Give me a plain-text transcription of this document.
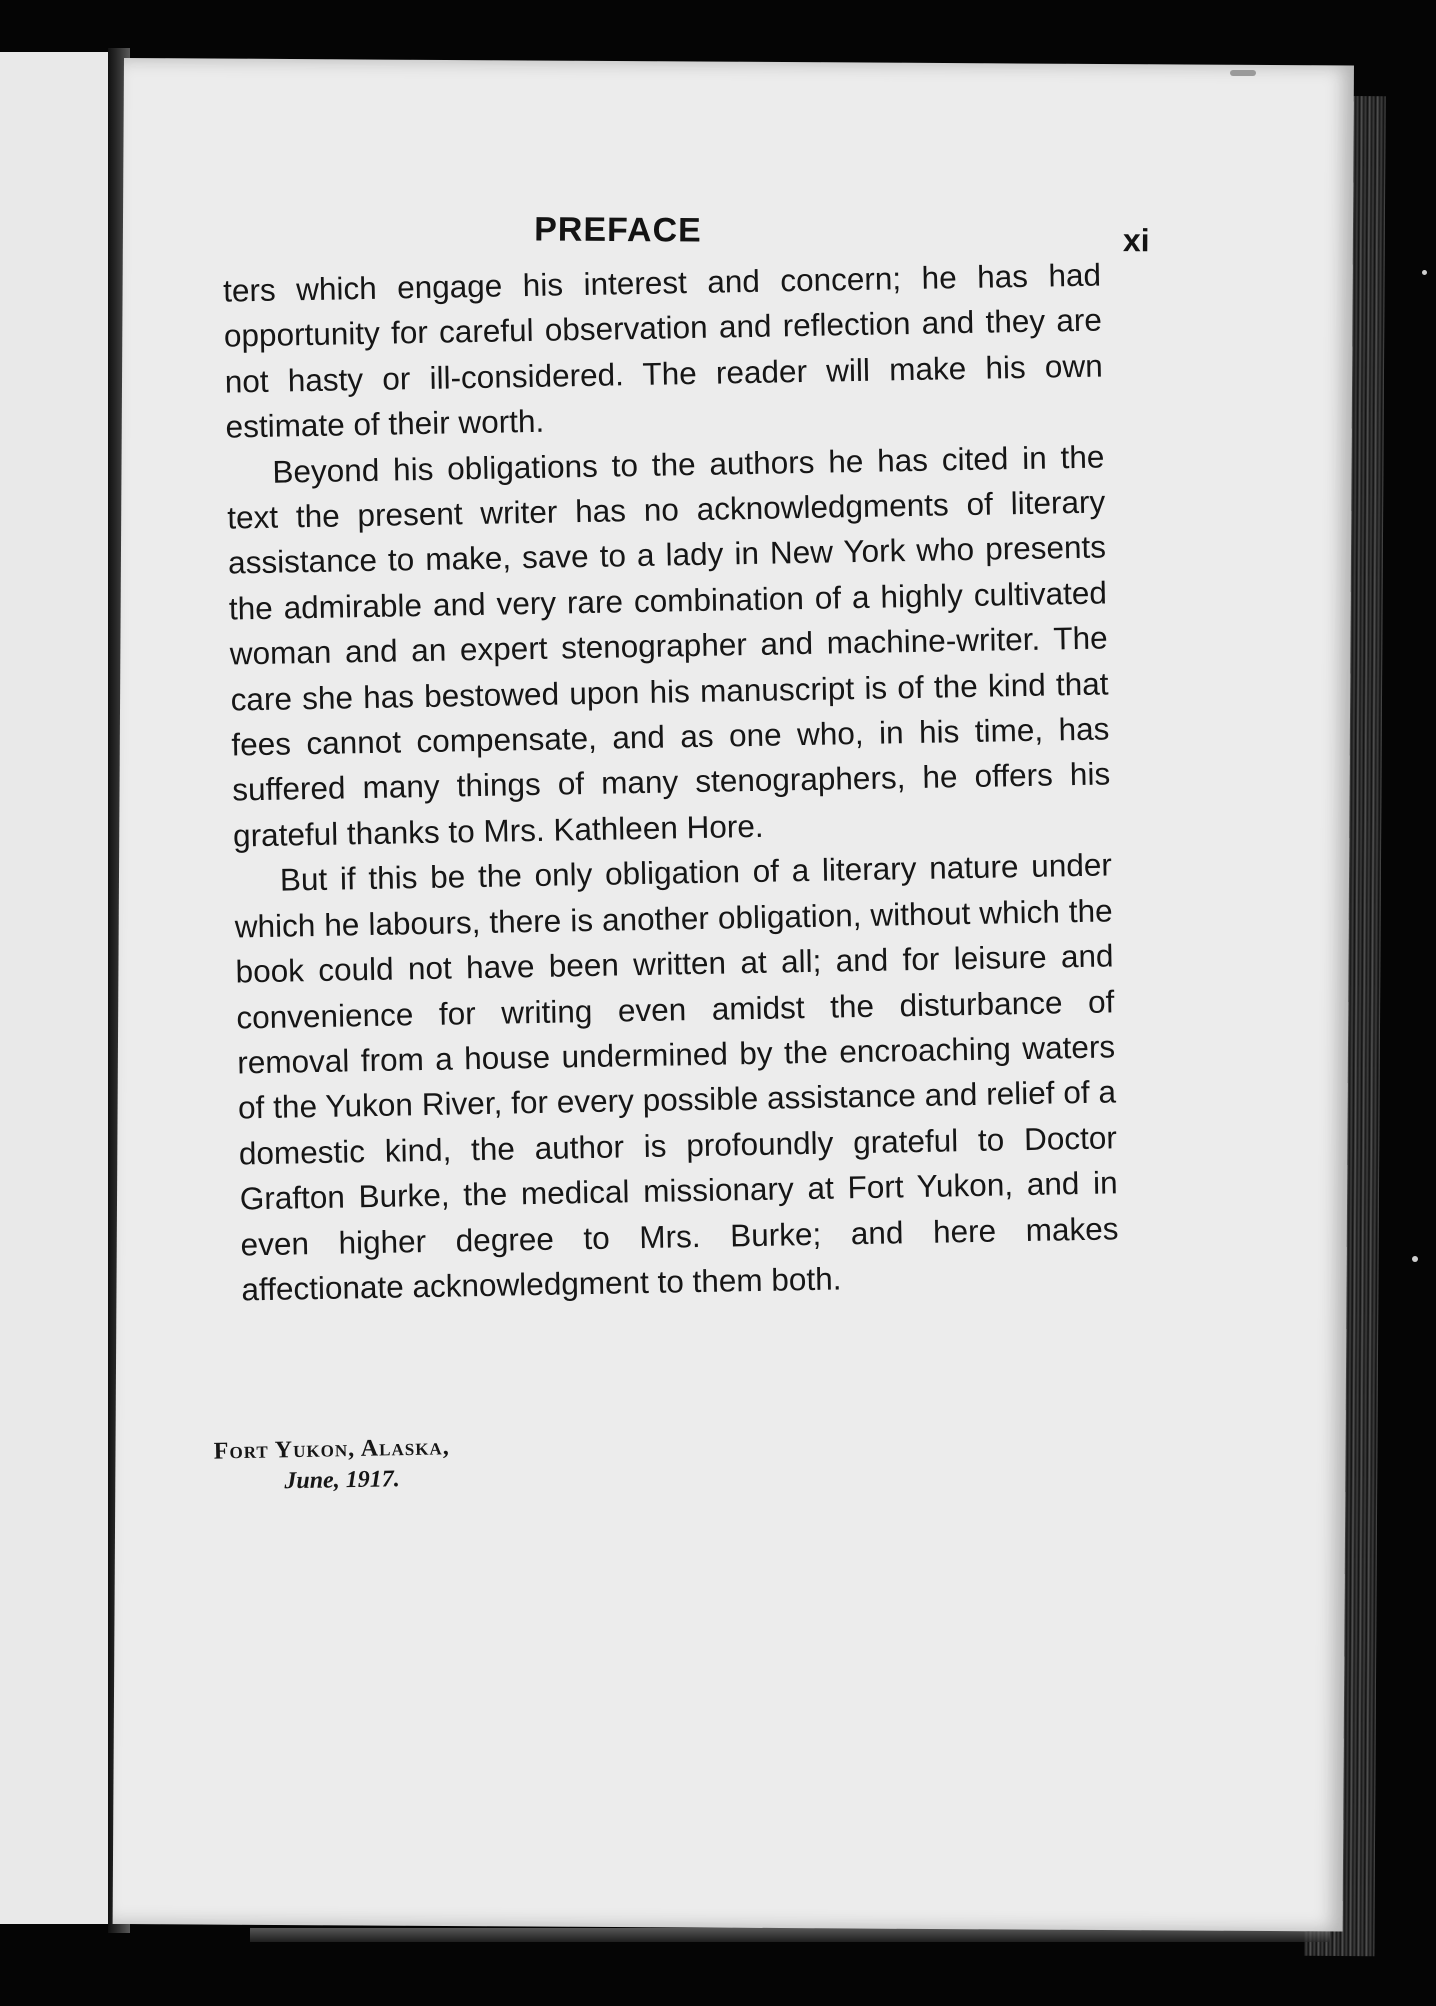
PREFACE	xi

ters which engage his interest and concern; he has had opportunity for careful observation and reflection and they are not hasty or ill-considered. The reader will make his own estimate of their worth.

Beyond his obligations to the authors he has cited in the text the present writer has no acknowledgments of literary assistance to make, save to a lady in New York who presents the admirable and very rare combination of a highly cultivated woman and an expert stenographer and machine-writer. The care she has bestowed upon his manuscript is of the kind that fees cannot compensate, and as one who, in his time, has suffered many things of many stenographers, he offers his grateful thanks to Mrs. Kathleen Hore.

But if this be the only obligation of a literary nature under which he labours, there is another obligation, without which the book could not have been written at all; and for leisure and convenience for writing even amidst the disturbance of removal from a house undermined by the encroaching waters of the Yukon River, for every possible assistance and relief of a domestic kind, the author is profoundly grateful to Doctor Grafton Burke, the medical missionary at Fort Yukon, and in even higher degree to Mrs. Burke; and here makes affectionate acknowledgment to them both.

Fort Yukon, Alaska,
June, 1917.
